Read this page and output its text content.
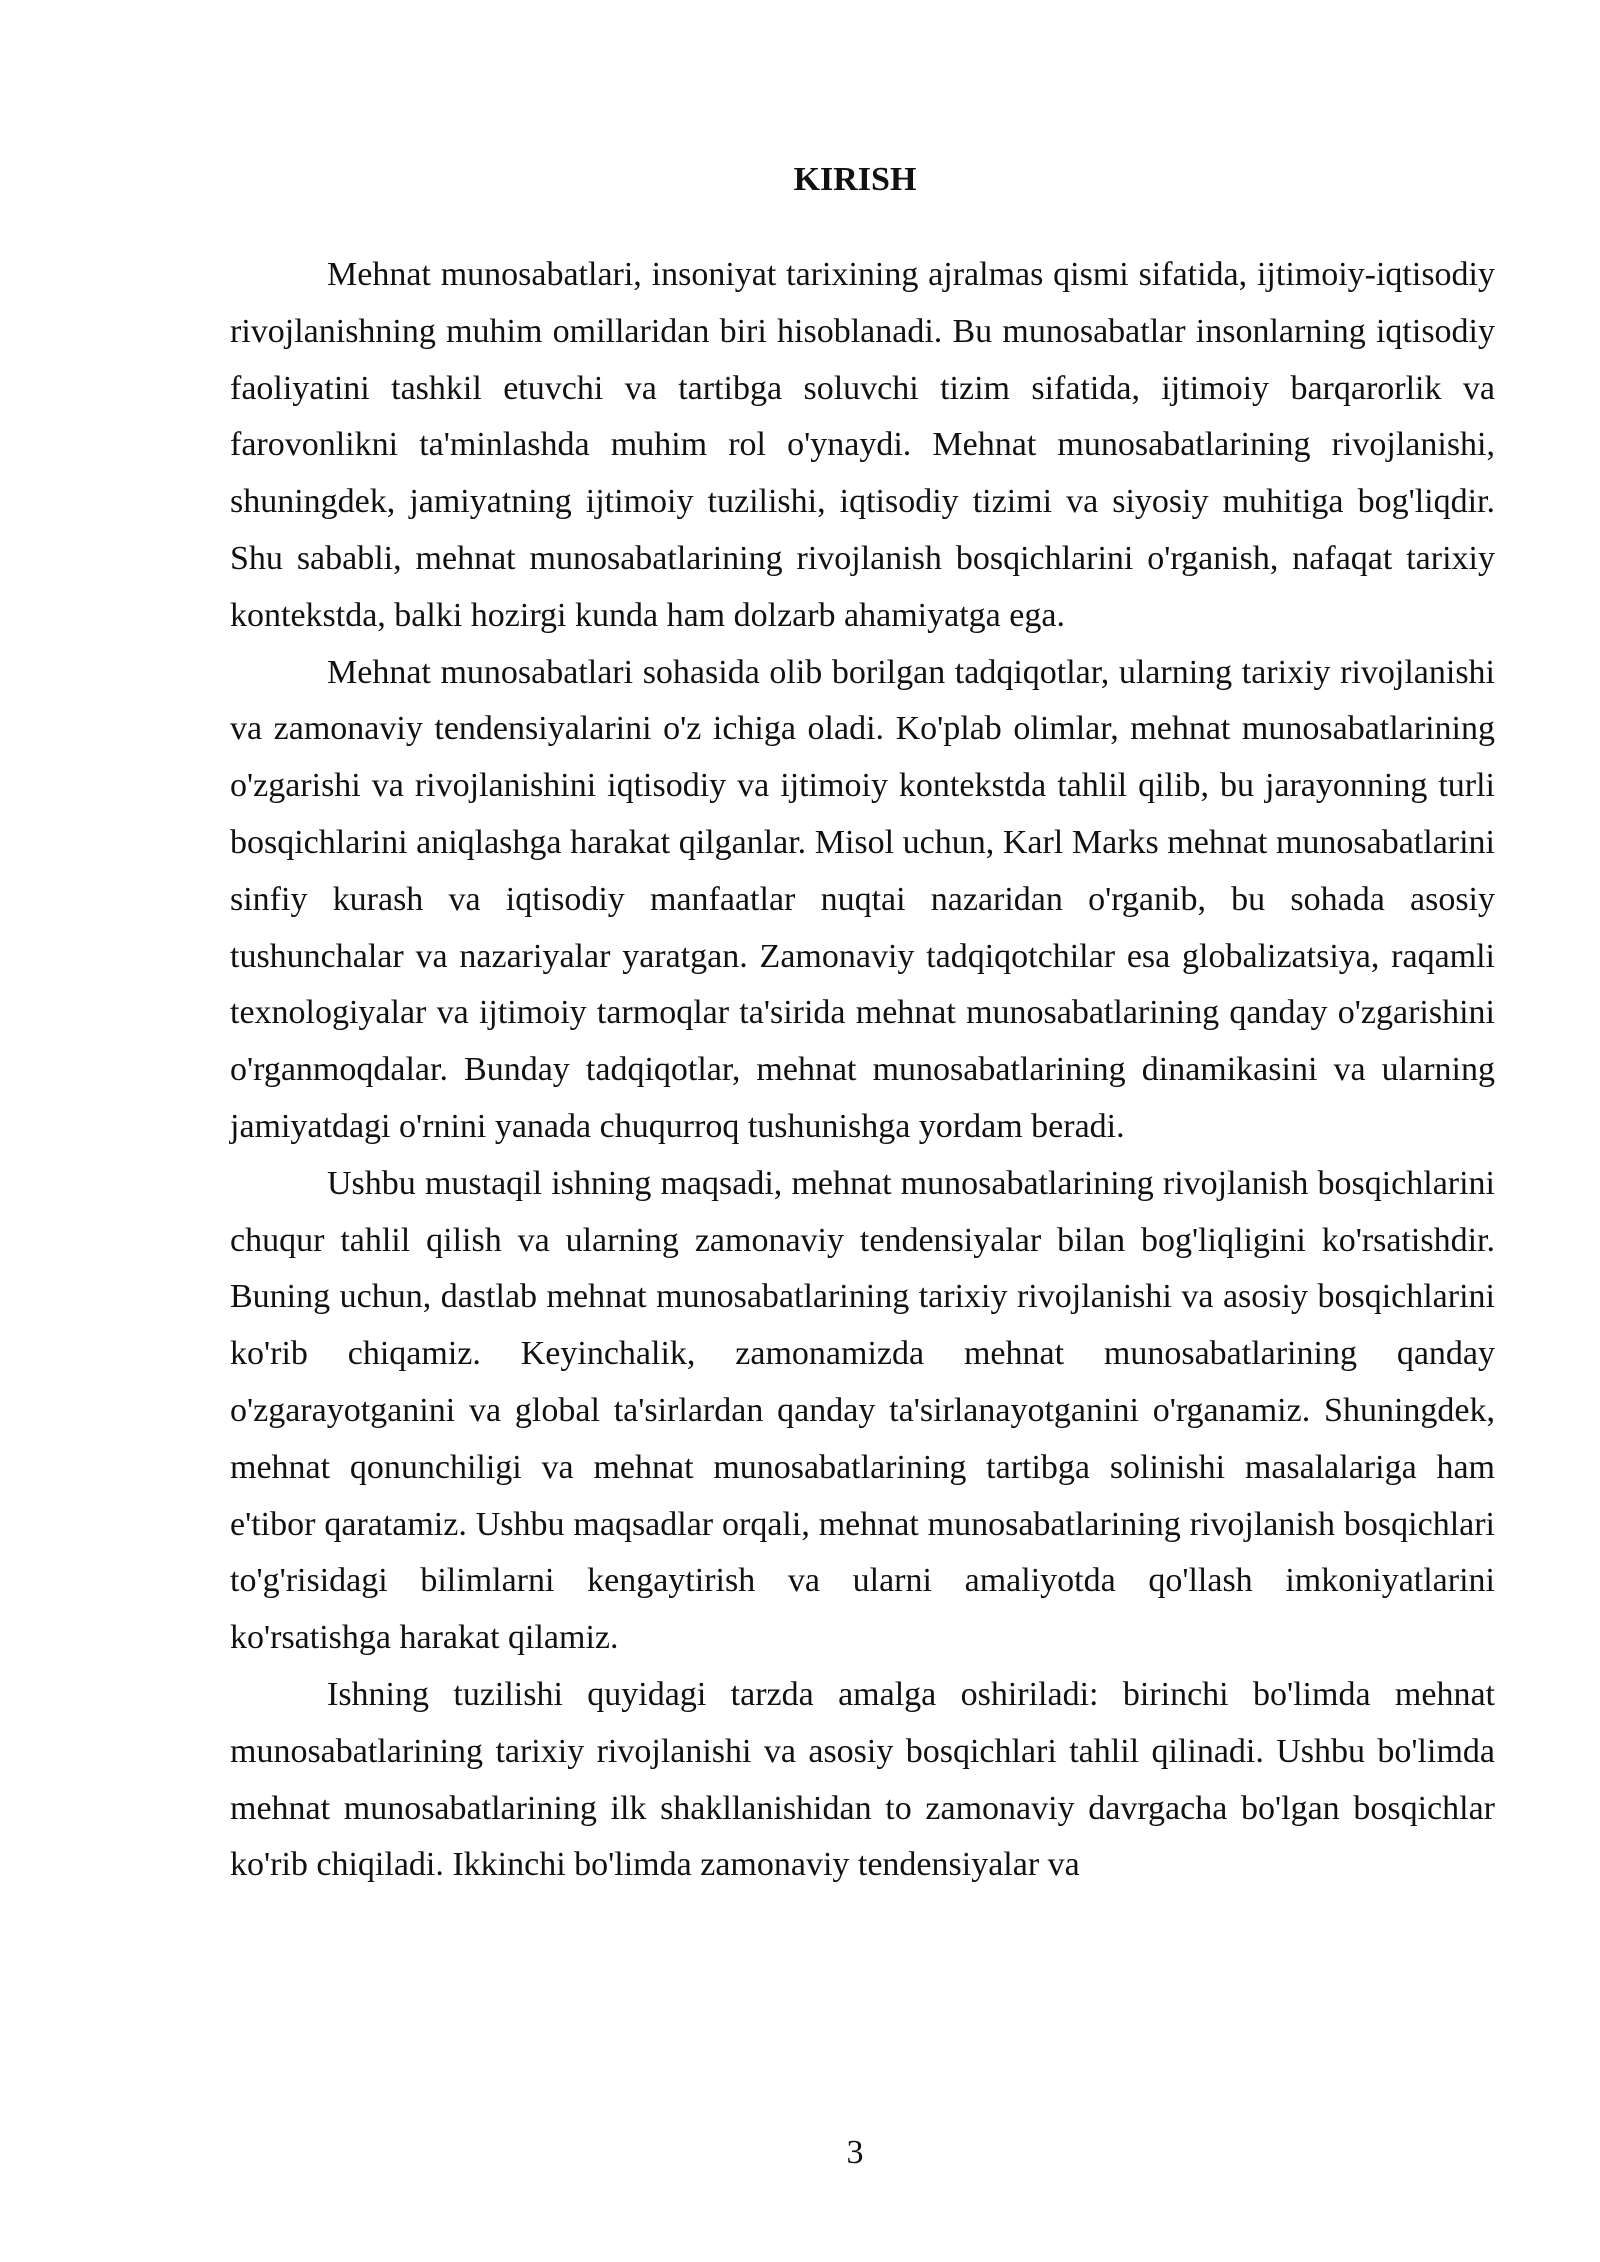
KIRISH

Mehnat munosabatlari, insoniyat tarixining ajralmas qismi sifatida, ijtimoiy-iqtisodiy rivojlanishning muhim omillaridan biri hisoblanadi. Bu munosabatlar insonlarning iqtisodiy faoliyatini tashkil etuvchi va tartibga soluvchi tizim sifatida, ijtimoiy barqarorlik va farovonlikni ta'minlashda muhim rol o'ynaydi. Mehnat munosabatlarining rivojlanishi, shuningdek, jamiyatning ijtimoiy tuzilishi, iqtisodiy tizimi va siyosiy muhitiga bog'liqdir. Shu sababli, mehnat munosabatlarining rivojlanish bosqichlarini o'rganish, nafaqat tarixiy kontekstda, balki hozirgi kunda ham dolzarb ahamiyatga ega.

Mehnat munosabatlari sohasida olib borilgan tadqiqotlar, ularning tarixiy rivojlanishi va zamonaviy tendensiyalarini o'z ichiga oladi. Ko'plab olimlar, mehnat munosabatlarining o'zgarishi va rivojlanishini iqtisodiy va ijtimoiy kontekstda tahlil qilib, bu jarayonning turli bosqichlarini aniqlashga harakat qilganlar. Misol uchun, Karl Marks mehnat munosabatlarini sinfiy kurash va iqtisodiy manfaatlar nuqtai nazaridan o'rganib, bu sohada asosiy tushunchalar va nazariyalar yaratgan. Zamonaviy tadqiqotchilar esa globalizatsiya, raqamli texnologiyalar va ijtimoiy tarmoqlar ta'sirida mehnat munosabatlarining qanday o'zgarishini o'rganmoqdalar. Bunday tadqiqotlar, mehnat munosabatlarining dinamikasini va ularning jamiyatdagi o'rnini yanada chuqurroq tushunishga yordam beradi.

Ushbu mustaqil ishning maqsadi, mehnat munosabatlarining rivojlanish bosqichlarini chuqur tahlil qilish va ularning zamonaviy tendensiyalar bilan bog'liqligini ko'rsatishdir. Buning uchun, dastlab mehnat munosabatlarining tarixiy rivojlanishi va asosiy bosqichlarini ko'rib chiqamiz. Keyinchalik, zamonamizda mehnat munosabatlarining qanday o'zgarayotganini va global ta'sirlardan qanday ta'sirlanayotganini o'rganamiz. Shuningdek, mehnat qonunchiligi va mehnat munosabatlarining tartibga solinishi masalalariga ham e'tibor qaratamiz. Ushbu maqsadlar orqali, mehnat munosabatlarining rivojlanish bosqichlari to'g'risidagi bilimlarni kengaytirish va ularni amaliyotda qo'llash imkoniyatlarini ko'rsatishga harakat qilamiz.

Ishning tuzilishi quyidagi tarzda amalga oshiriladi: birinchi bo'limda mehnat munosabatlarining tarixiy rivojlanishi va asosiy bosqichlari tahlil qilinadi. Ushbu bo'limda mehnat munosabatlarining ilk shakllanishidan to zamonaviy davrgacha bo'lgan bosqichlar ko'rib chiqiladi. Ikkinchi bo'limda zamonaviy tendensiyalar va

3
